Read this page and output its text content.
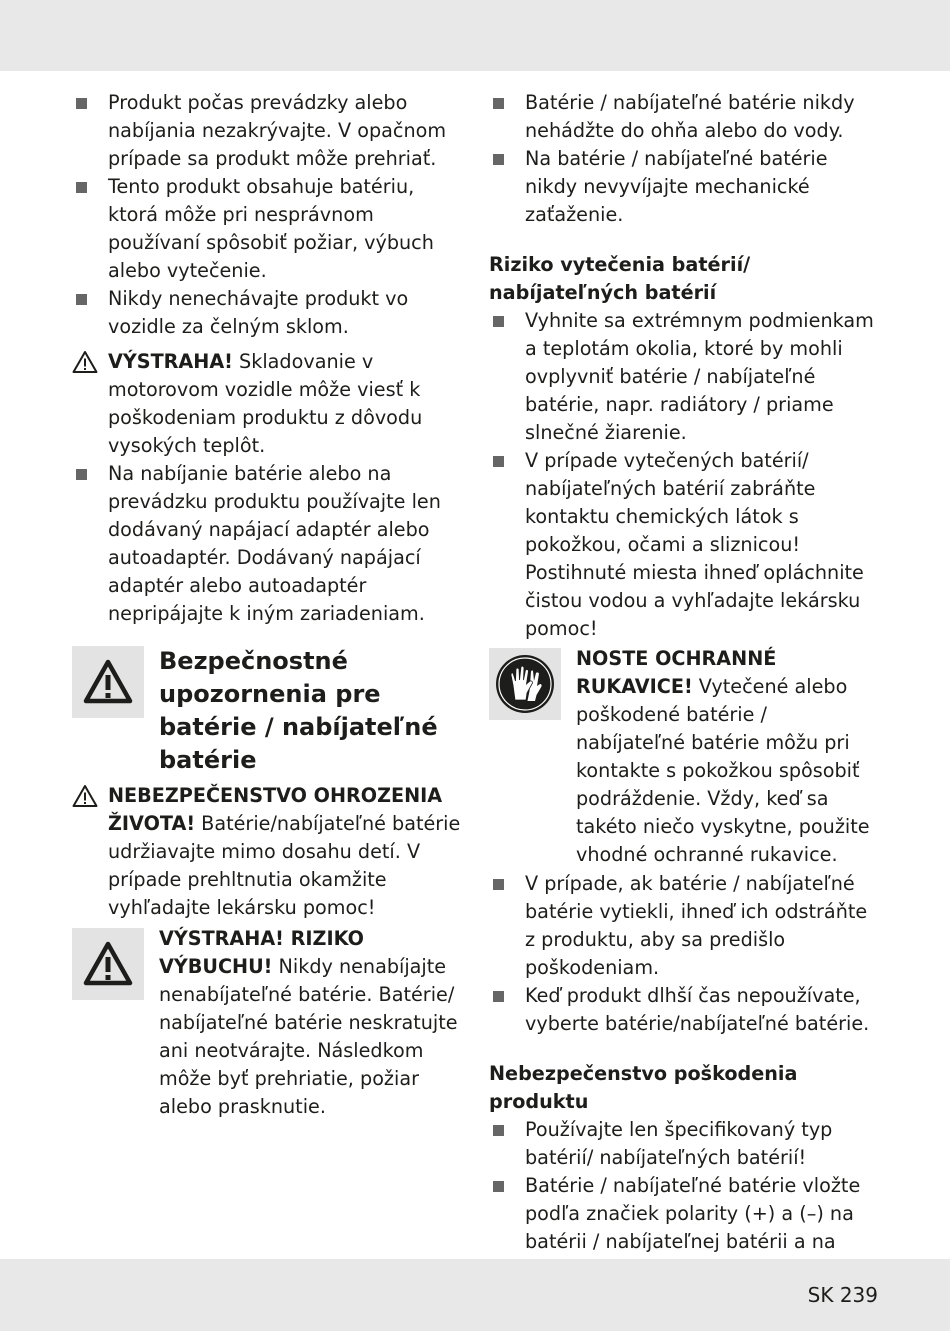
Produkt počas prevádzky alebo nabíjania nezakrývajte. V opačnom prípade sa produkt môže prehriať.
Tento produkt obsahuje batériu, ktorá môže pri nesprávnom používaní spôsobiť požiar, výbuch alebo vytečenie.
Nikdy nenechávajte produkt vo vozidle za čelným sklom.
VÝSTRAHA! Skladovanie v motorovom vozidle môže viesť k poškodeniam produktu z dôvodu vysokých teplôt.
Na nabíjanie batérie alebo na prevádzku produktu používajte len dodávaný napájací adaptér alebo autoadaptér. Dodávaný napájací adaptér alebo autoadaptér nepripájajte k iným zariadeniam.
Bezpečnostné upozornenia pre batérie / nabíjateľné batérie
NEBEZPEČENSTVO OHROZENIA ŽIVOTA! Batérie/nabíjateľné batérie udržiavajte mimo dosahu detí. V prípade prehltnutia okamžite vyhľadajte lekársku pomoc!
VÝSTRAHA! RIZIKO VÝBUCHU! Nikdy nenabíjajte nenabíjateľné batérie. Batérie/ nabíjateľné batérie neskratujte ani neotvárajte. Následkom môže byť prehriatie, požiar alebo prasknutie.
Batérie / nabíjateľné batérie nikdy nehádžte do ohňa alebo do vody.
Na batérie / nabíjateľné batérie nikdy nevyvíjajte mechanické zaťaženie.
Riziko vytečenia batérií/ nabíjateľných batérií
Vyhnite sa extrémnym podmienkam a teplotám okolia, ktoré by mohli ovplyvniť batérie / nabíjateľné batérie, napr. radiátory / priame slnečné žiarenie.
V prípade vytečených batérií/ nabíjateľných batérií zabráňte kontaktu chemických látok s pokožkou, očami a sliznicou! Postihnuté miesta ihneď opláchnite čistou vodou a vyhľadajte lekársku pomoc!
NOSTE OCHRANNÉ RUKAVICE! Vytečené alebo poškodené batérie / nabíjateľné batérie môžu pri kontakte s pokožkou spôsobiť podráždenie. Vždy, keď sa takéto niečo vyskytne, použite vhodné ochranné rukavice.
V prípade, ak batérie / nabíjateľné batérie vytiekli, ihneď ich odstráňte z produktu, aby sa predišlo poškodeniam.
Keď produkt dlhší čas nepoužívate, vyberte batérie/nabíjateľné batérie.
Nebezpečenstvo poškodenia produktu
Používajte len špecifikovaný typ batérií/ nabíjateľných batérií!
Batérie / nabíjateľné batérie vložte podľa značiek polarity (+) a (–) na batérii / nabíjateľnej batérii a na
SK 239
